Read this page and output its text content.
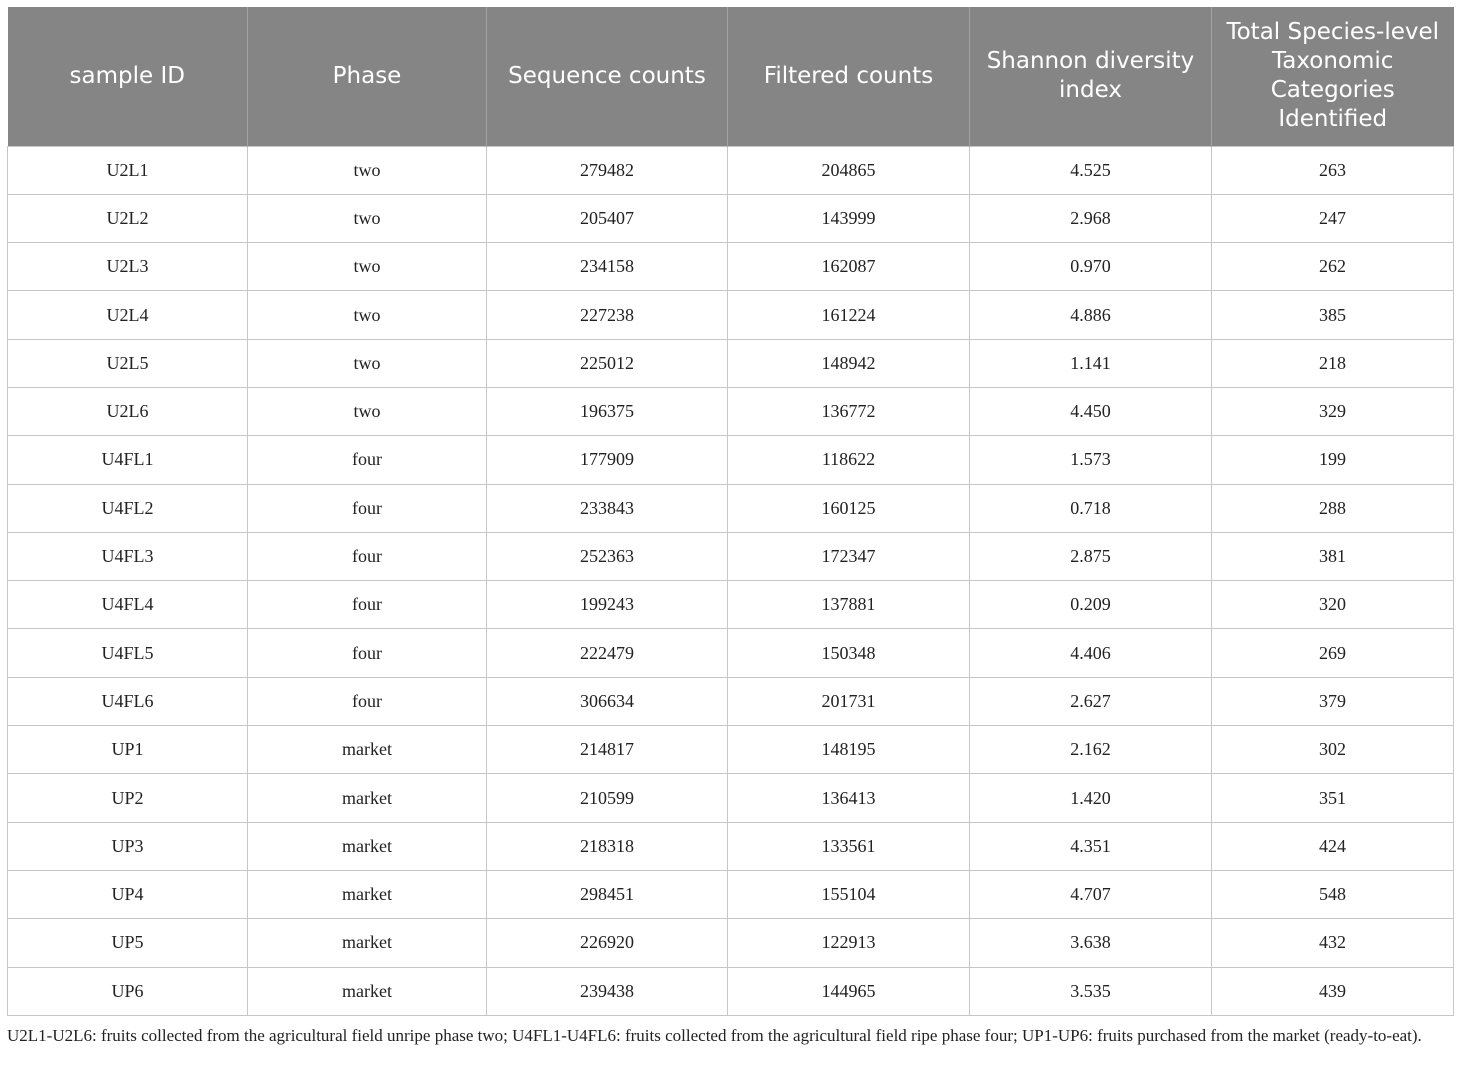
sample ID	Phase	Sequence counts	Filtered counts	Shannon diversity index	Total Species-level Taxonomic Categories Identified
U2L1	two	279482	204865	4.525	263
U2L2	two	205407	143999	2.968	247
U2L3	two	234158	162087	0.970	262
U2L4	two	227238	161224	4.886	385
U2L5	two	225012	148942	1.141	218
U2L6	two	196375	136772	4.450	329
U4FL1	four	177909	118622	1.573	199
U4FL2	four	233843	160125	0.718	288
U4FL3	four	252363	172347	2.875	381
U4FL4	four	199243	137881	0.209	320
U4FL5	four	222479	150348	4.406	269
U4FL6	four	306634	201731	2.627	379
UP1	market	214817	148195	2.162	302
UP2	market	210599	136413	1.420	351
UP3	market	218318	133561	4.351	424
UP4	market	298451	155104	4.707	548
UP5	market	226920	122913	3.638	432
UP6	market	239438	144965	3.535	439

U2L1-U2L6: fruits collected from the agricultural field unripe phase two; U4FL1-U4FL6: fruits collected from the agricultural field ripe phase four; UP1-UP6: fruits purchased from the market (ready-to-eat).
